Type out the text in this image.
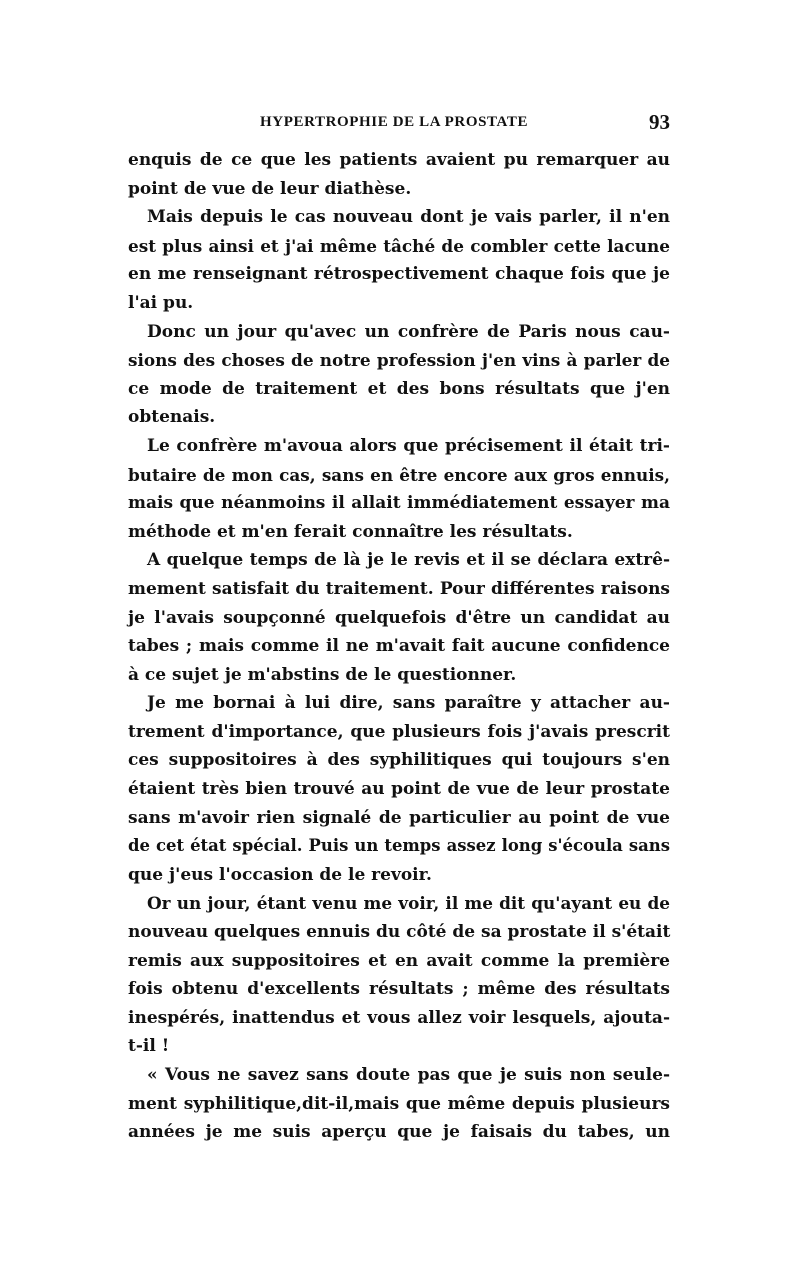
HYPERTROPHIE DE LA PROSTATE	93
enquis de ce que les patients avaient pu remarquer au
point de vue de leur diathèse.
Mais depuis le cas nouveau dont je vais parler, il n'en
est plus ainsi et j'ai même tâché de combler cette lacune
en me renseignant rétrospectivement chaque fois que je
l'ai pu.
Donc un jour qu'avec un confrère de Paris nous cau-
sions des choses de notre profession j'en vins à parler de
ce mode de traitement et des bons résultats que j'en
obtenais.
Le confrère m'avoua alors que précisement il était tri-
butaire de mon cas, sans en être encore aux gros ennuis,
mais que néanmoins il allait immédiatement essayer ma
méthode et m'en ferait connaître les résultats.
A quelque temps de là je le revis et il se déclara extrê-
mement satisfait du traitement. Pour différentes raisons
je l'avais soupçonné quelquefois d'être un candidat au
tabes ; mais comme il ne m'avait fait aucune confidence
à ce sujet je m'abstins de le questionner.
Je me bornai à lui dire, sans paraître y attacher au-
trement d'importance, que plusieurs fois j'avais prescrit
ces suppositoires à des syphilitiques qui toujours s'en
étaient très bien trouvé au point de vue de leur prostate
sans m'avoir rien signalé de particulier au point de vue
de cet état spécial. Puis un temps assez long s'écoula sans
que j'eus l'occasion de le revoir.
Or un jour, étant venu me voir, il me dit qu'ayant eu de
nouveau quelques ennuis du côté de sa prostate il s'était
remis aux suppositoires et en avait comme la première
fois obtenu d'excellents résultats ; même des résultats
inespérés, inattendus et vous allez voir lesquels, ajouta-
t-il !
« Vous ne savez sans doute pas que je suis non seule-
ment syphilitique,dit-il,mais que même depuis plusieurs
années je me suis aperçu que je faisais du tabes, un
